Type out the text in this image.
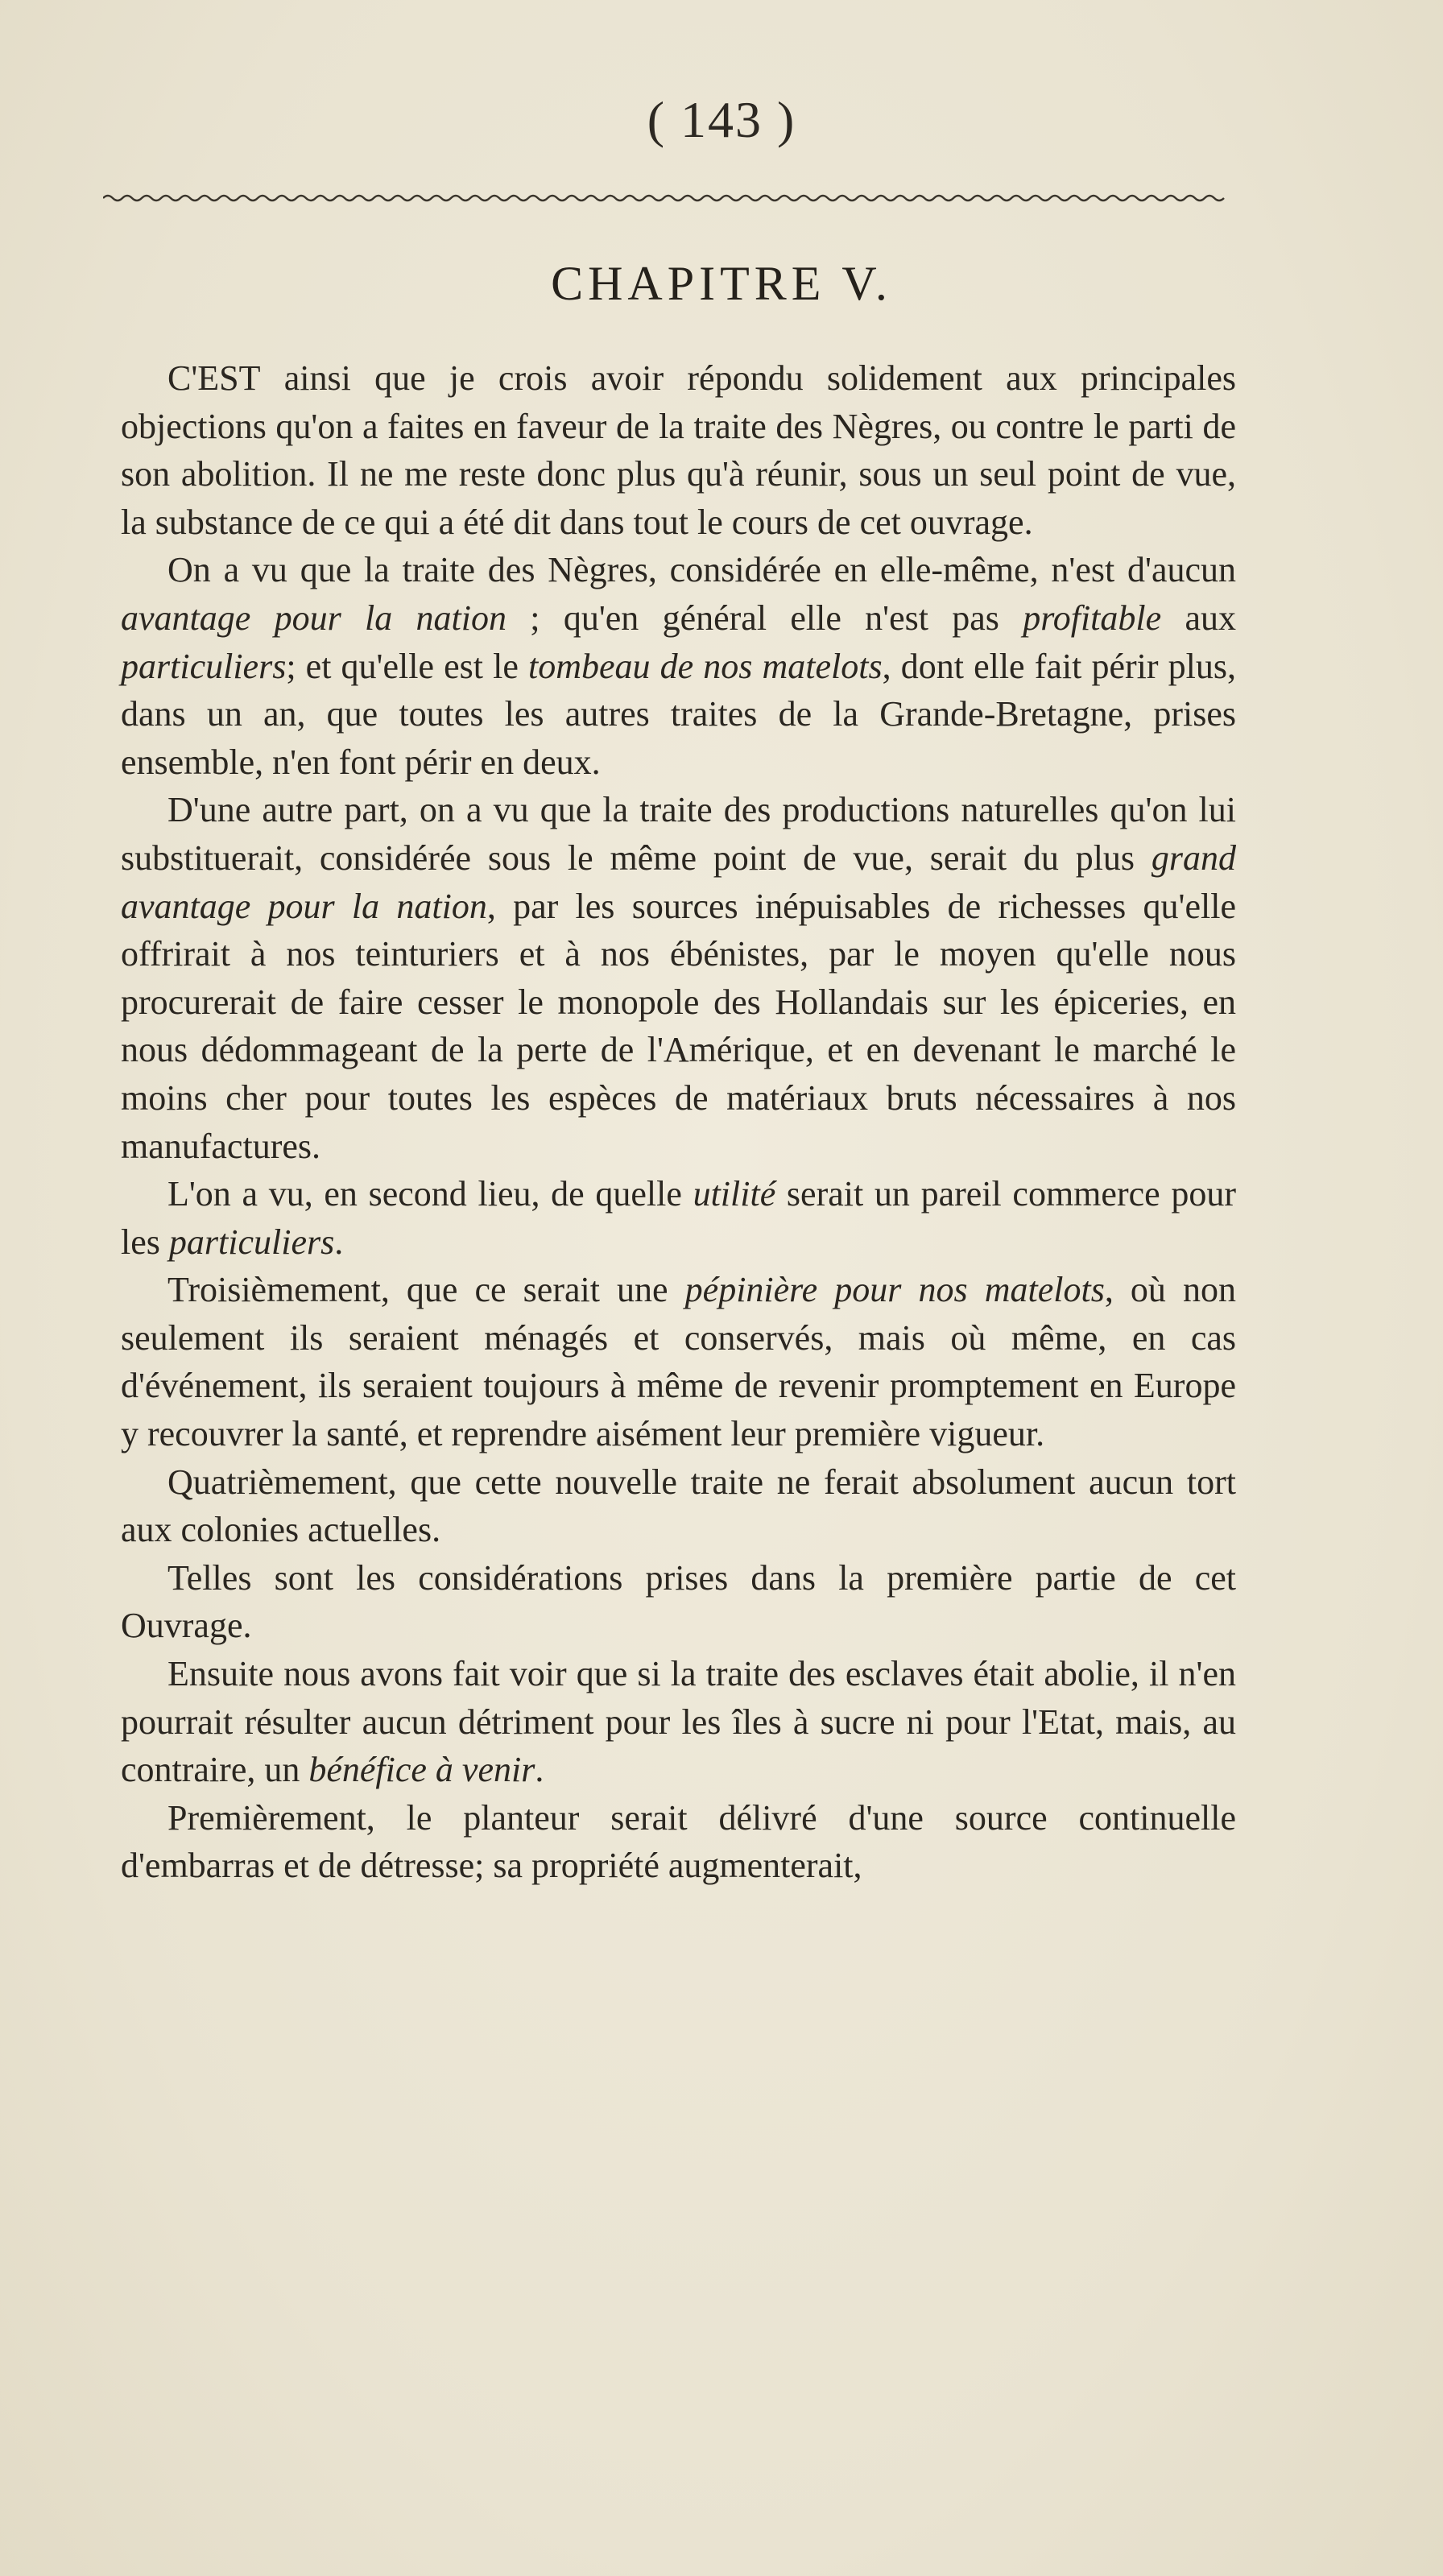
( 143 )
CHAPITRE V.

C'EST ainsi que je crois avoir répondu solidement aux principales objections qu'on a faites en faveur de la traite des Nègres, ou contre le parti de son abolition. Il ne me reste donc plus qu'à réunir, sous un seul point de vue, la substance de ce qui a été dit dans tout le cours de cet ouvrage.

On a vu que la traite des Nègres, considérée en elle-même, n'est d'aucun avantage pour la nation ; qu'en général elle n'est pas profitable aux particuliers; et qu'elle est le tombeau de nos matelots, dont elle fait périr plus, dans un an, que toutes les autres traites de la Grande-Bretagne, prises ensemble, n'en font périr en deux.

D'une autre part, on a vu que la traite des productions naturelles qu'on lui substituerait, considérée sous le même point de vue, serait du plus grand avantage pour la nation, par les sources inépuisables de richesses qu'elle offrirait à nos teinturiers et à nos ébénistes, par le moyen qu'elle nous procurerait de faire cesser le monopole des Hollandais sur les épiceries, en nous dédommageant de la perte de l'Amérique, et en devenant le marché le moins cher pour toutes les espèces de matériaux bruts nécessaires à nos manufactures.

L'on a vu, en second lieu, de quelle utilité serait un pareil commerce pour les particuliers.

Troisièmement, que ce serait une pépinière pour nos matelots, où non seulement ils seraient ménagés et conservés, mais où même, en cas d'événement, ils seraient toujours à même de revenir promptement en Europe y recouvrer la santé, et reprendre aisément leur première vigueur.

Quatrièmement, que cette nouvelle traite ne ferait absolument aucun tort aux colonies actuelles.

Telles sont les considérations prises dans la première partie de cet Ouvrage.

Ensuite nous avons fait voir que si la traite des esclaves était abolie, il n'en pourrait résulter aucun détriment pour les îles à sucre ni pour l'Etat, mais, au contraire, un bénéfice à venir.

Premièrement, le planteur serait délivré d'une source continuelle d'embarras et de détresse; sa propriété augmenterait,
